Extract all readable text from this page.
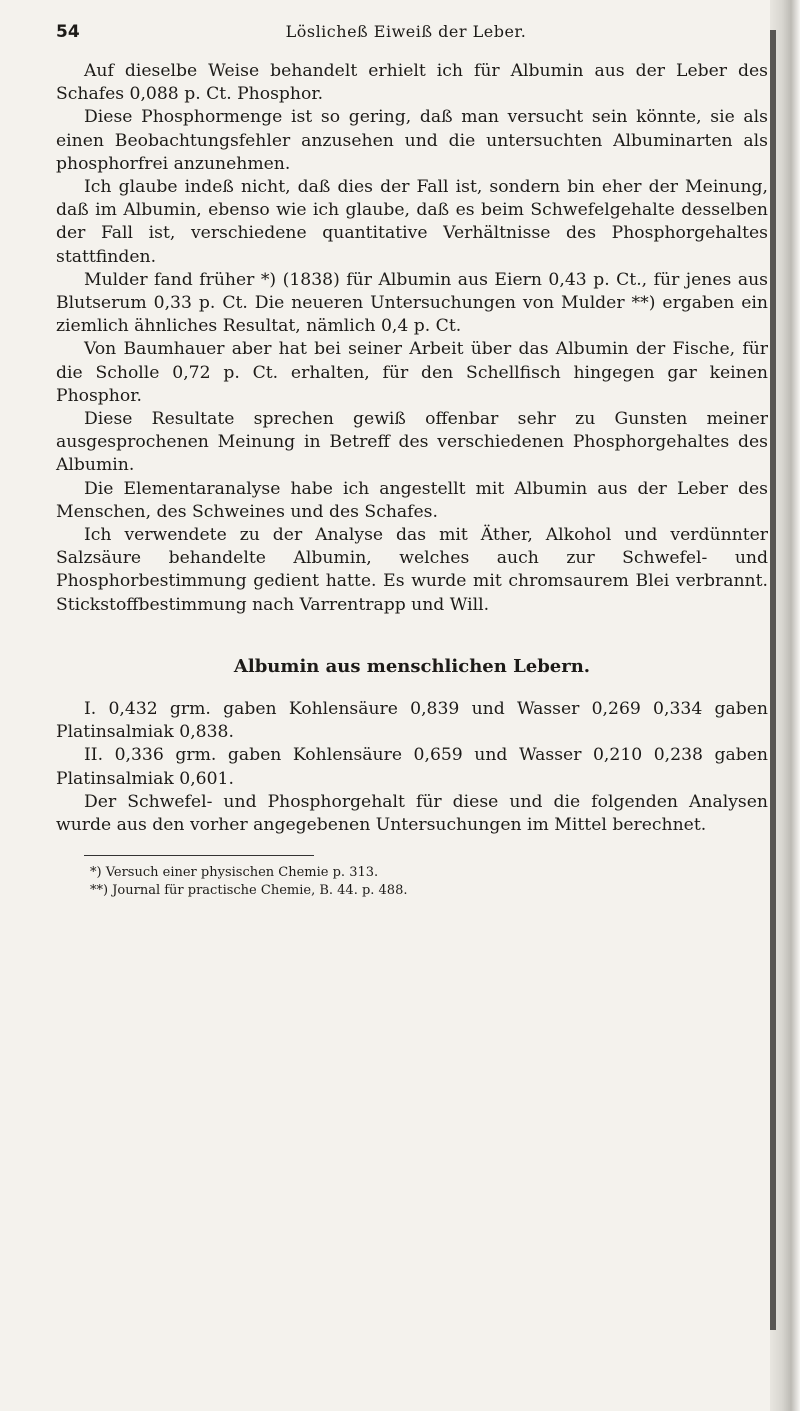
54	Löslicheß Eiweiß der Leber.

Auf dieselbe Weise behandelt erhielt ich für Albumin aus der Leber des Schafes 0,088 p. Ct. Phosphor.

Diese Phosphormenge ist so gering, daß man versucht sein könnte, sie als einen Beobachtungsfehler anzusehen und die untersuchten Albuminarten als phosphorfrei anzunehmen.

Ich glaube indeß nicht, daß dies der Fall ist, sondern bin eher der Meinung, daß im Albumin, ebenso wie ich glaube, daß es beim Schwefelgehalte desselben der Fall ist, verschiedene quantitative Verhältnisse des Phosphorgehaltes stattfinden.

Mulder fand früher *) (1838) für Albumin aus Eiern 0,43 p. Ct., für jenes aus Blutserum 0,33 p. Ct. Die neueren Untersuchungen von Mulder **) ergaben ein ziemlich ähnliches Resultat, nämlich 0,4 p. Ct.

Von Baumhauer aber hat bei seiner Arbeit über das Albumin der Fische, für die Scholle 0,72 p. Ct. erhalten, für den Schellfisch hingegen gar keinen Phosphor.

Diese Resultate sprechen gewiß offenbar sehr zu Gunsten meiner ausgesprochenen Meinung in Betreff des verschiedenen Phosphorgehaltes des Albumin.

Die Elementaranalyse habe ich angestellt mit Albumin aus der Leber des Menschen, des Schweines und des Schafes.

Ich verwendete zu der Analyse das mit Äther, Alkohol und verdünnter Salzsäure behandelte Albumin, welches auch zur Schwefel- und Phosphorbestimmung gedient hatte. Es wurde mit chromsaurem Blei verbrannt. Stickstoffbestimmung nach Varrentrapp und Will.

Albumin aus menschlichen Lebern.

I. 0,432 grm. gaben Kohlensäure 0,839 und Wasser 0,269 0,334 gaben Platinsalmiak 0,838.

II. 0,336 grm. gaben Kohlensäure 0,659 und Wasser 0,210 0,238 gaben Platinsalmiak 0,601.

Der Schwefel- und Phosphorgehalt für diese und die folgenden Analysen wurde aus den vorher angegebenen Untersuchungen im Mittel berechnet.

*) Versuch einer physischen Chemie p. 313.
**) Journal für practische Chemie, B. 44. p. 488.
